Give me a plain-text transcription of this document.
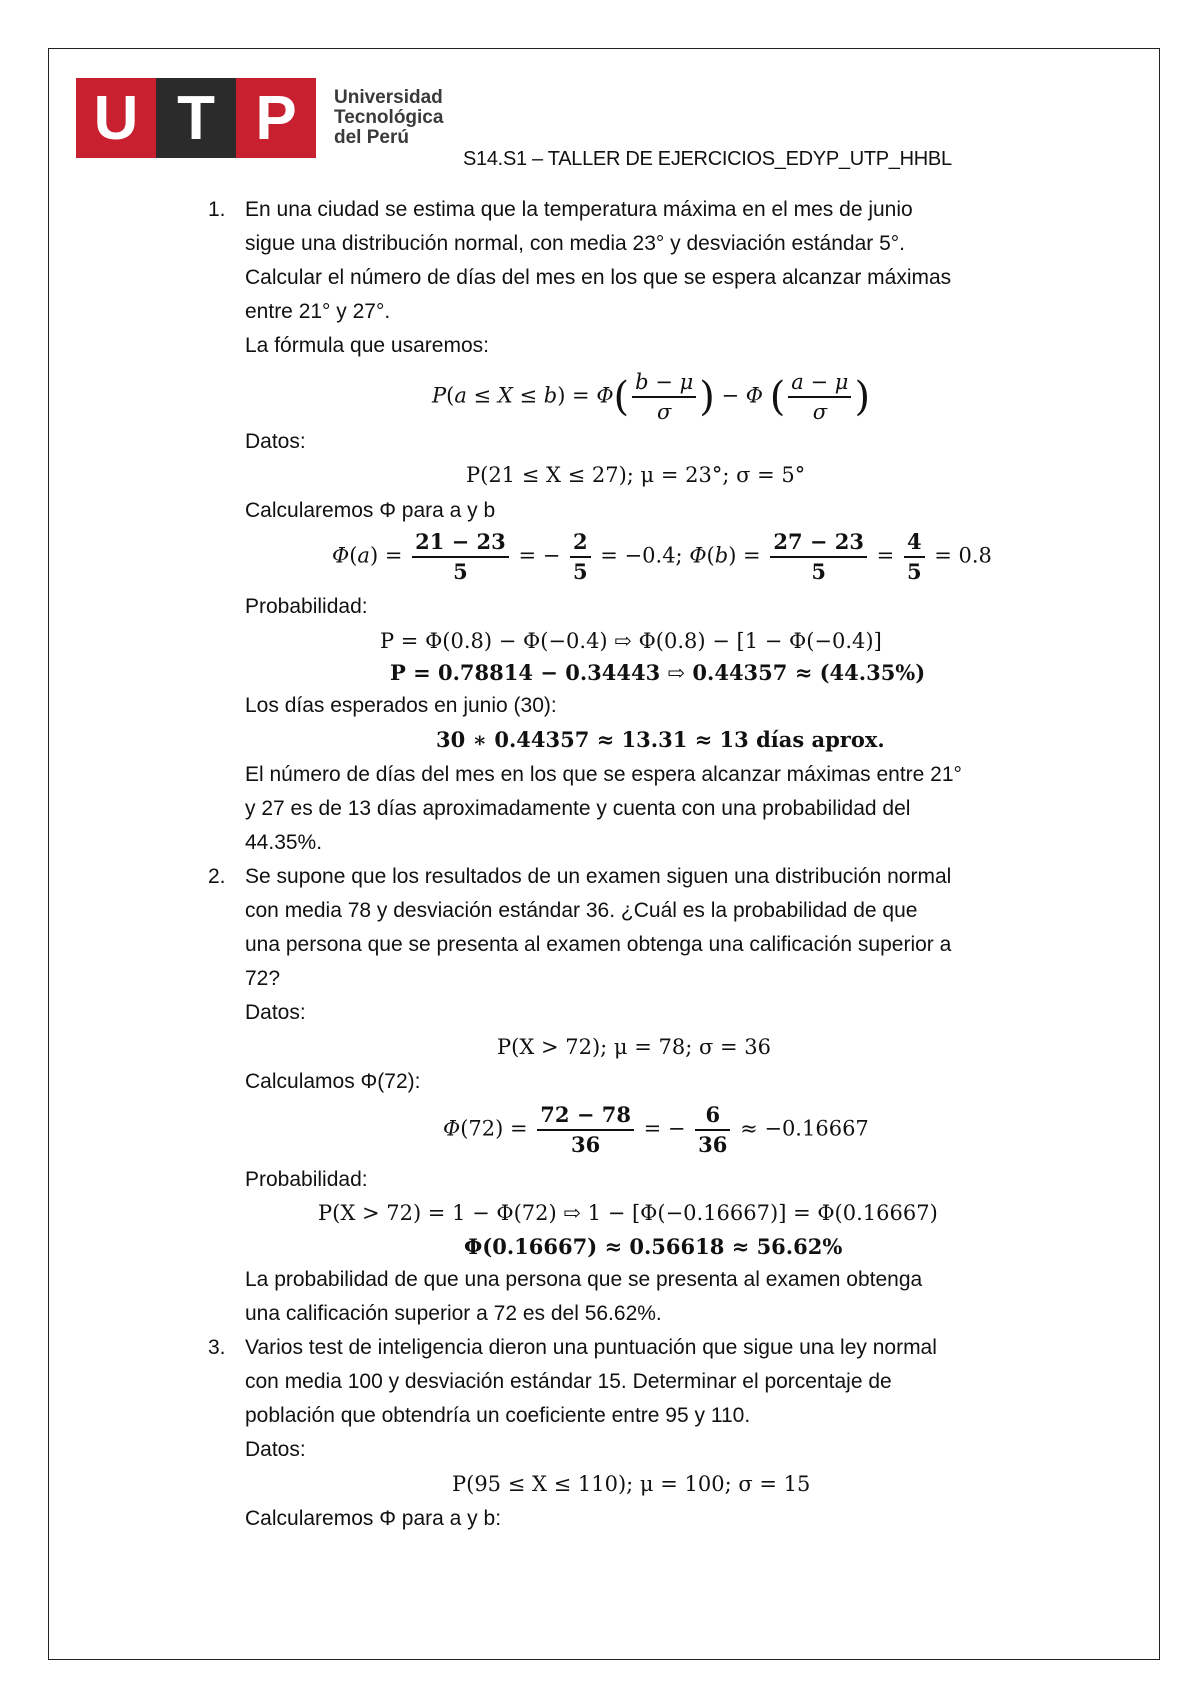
U T P	Universidad
Tecnológica
del Perú
S14.S1 – TALLER DE EJERCICIOS_EDYP_UTP_HHBL
1. En una ciudad se estima que la temperatura máxima en el mes de junio
sigue una distribución normal, con media 23° y desviación estándar 5°.
Calcular el número de días del mes en los que se espera alcanzar máximas
entre 21° y 27°.
La fórmula que usaremos:
$P(a \le X \le b) = \Phi( \frac{b - \mu}{\sigma}$ ) − Φ ( $\frac{a - \mu}{\sigma}$ )
Datos:
P(21 ≤ X ≤ 27); μ = 23°; σ = 5°
Calcularemos Φ para a y b
$\Phi(a) = \frac{21 - 23}{5}$ = − $\frac{2}{5} = -0.4$; $\Phi(b) = \frac{27 - 23}{5} = \frac{4}{5} = 0.8$
Probabilidad:
P = Φ(0.8) − Φ(−0.4) ⇨ Φ(0.8) − [1 − Φ(−0.4)]
P = 0.78814 − 0.34443 ⇨ 0.44357 ≈ (44.35%)
Los días esperados en junio (30):
30 ∗ 0.44357 ≈ 13.31 ≈ 13 días aprox.
El número de días del mes en los que se espera alcanzar máximas entre 21°
y 27 es de 13 días aproximadamente y cuenta con una probabilidad del
44.35%.
2. Se supone que los resultados de un examen siguen una distribución normal
con media 78 y desviación estándar 36. ¿Cuál es la probabilidad de que
una persona que se presenta al examen obtenga una calificación superior a
72?
Datos:
P(X > 72); μ = 78; σ = 36
Calculamos Φ(72):
$\Phi(72) = \frac{72 - 78}{36}$ = − $\frac{6}{36} \approx -0.16667$
Probabilidad:
P(X > 72) = 1 − Φ(72) ⇨ 1 − [Φ(−0.16667)] = Φ(0.16667)
Φ(0.16667) ≈ 0.56618 ≈ 56.62%
La probabilidad de que una persona que se presenta al examen obtenga
una calificación superior a 72 es del 56.62%.
3. Varios test de inteligencia dieron una puntuación que sigue una ley normal
con media 100 y desviación estándar 15. Determinar el porcentaje de
población que obtendría un coeficiente entre 95 y 110.
Datos:
P(95 ≤ X ≤ 110); μ = 100; σ = 15
Calcularemos Φ para a y b:
